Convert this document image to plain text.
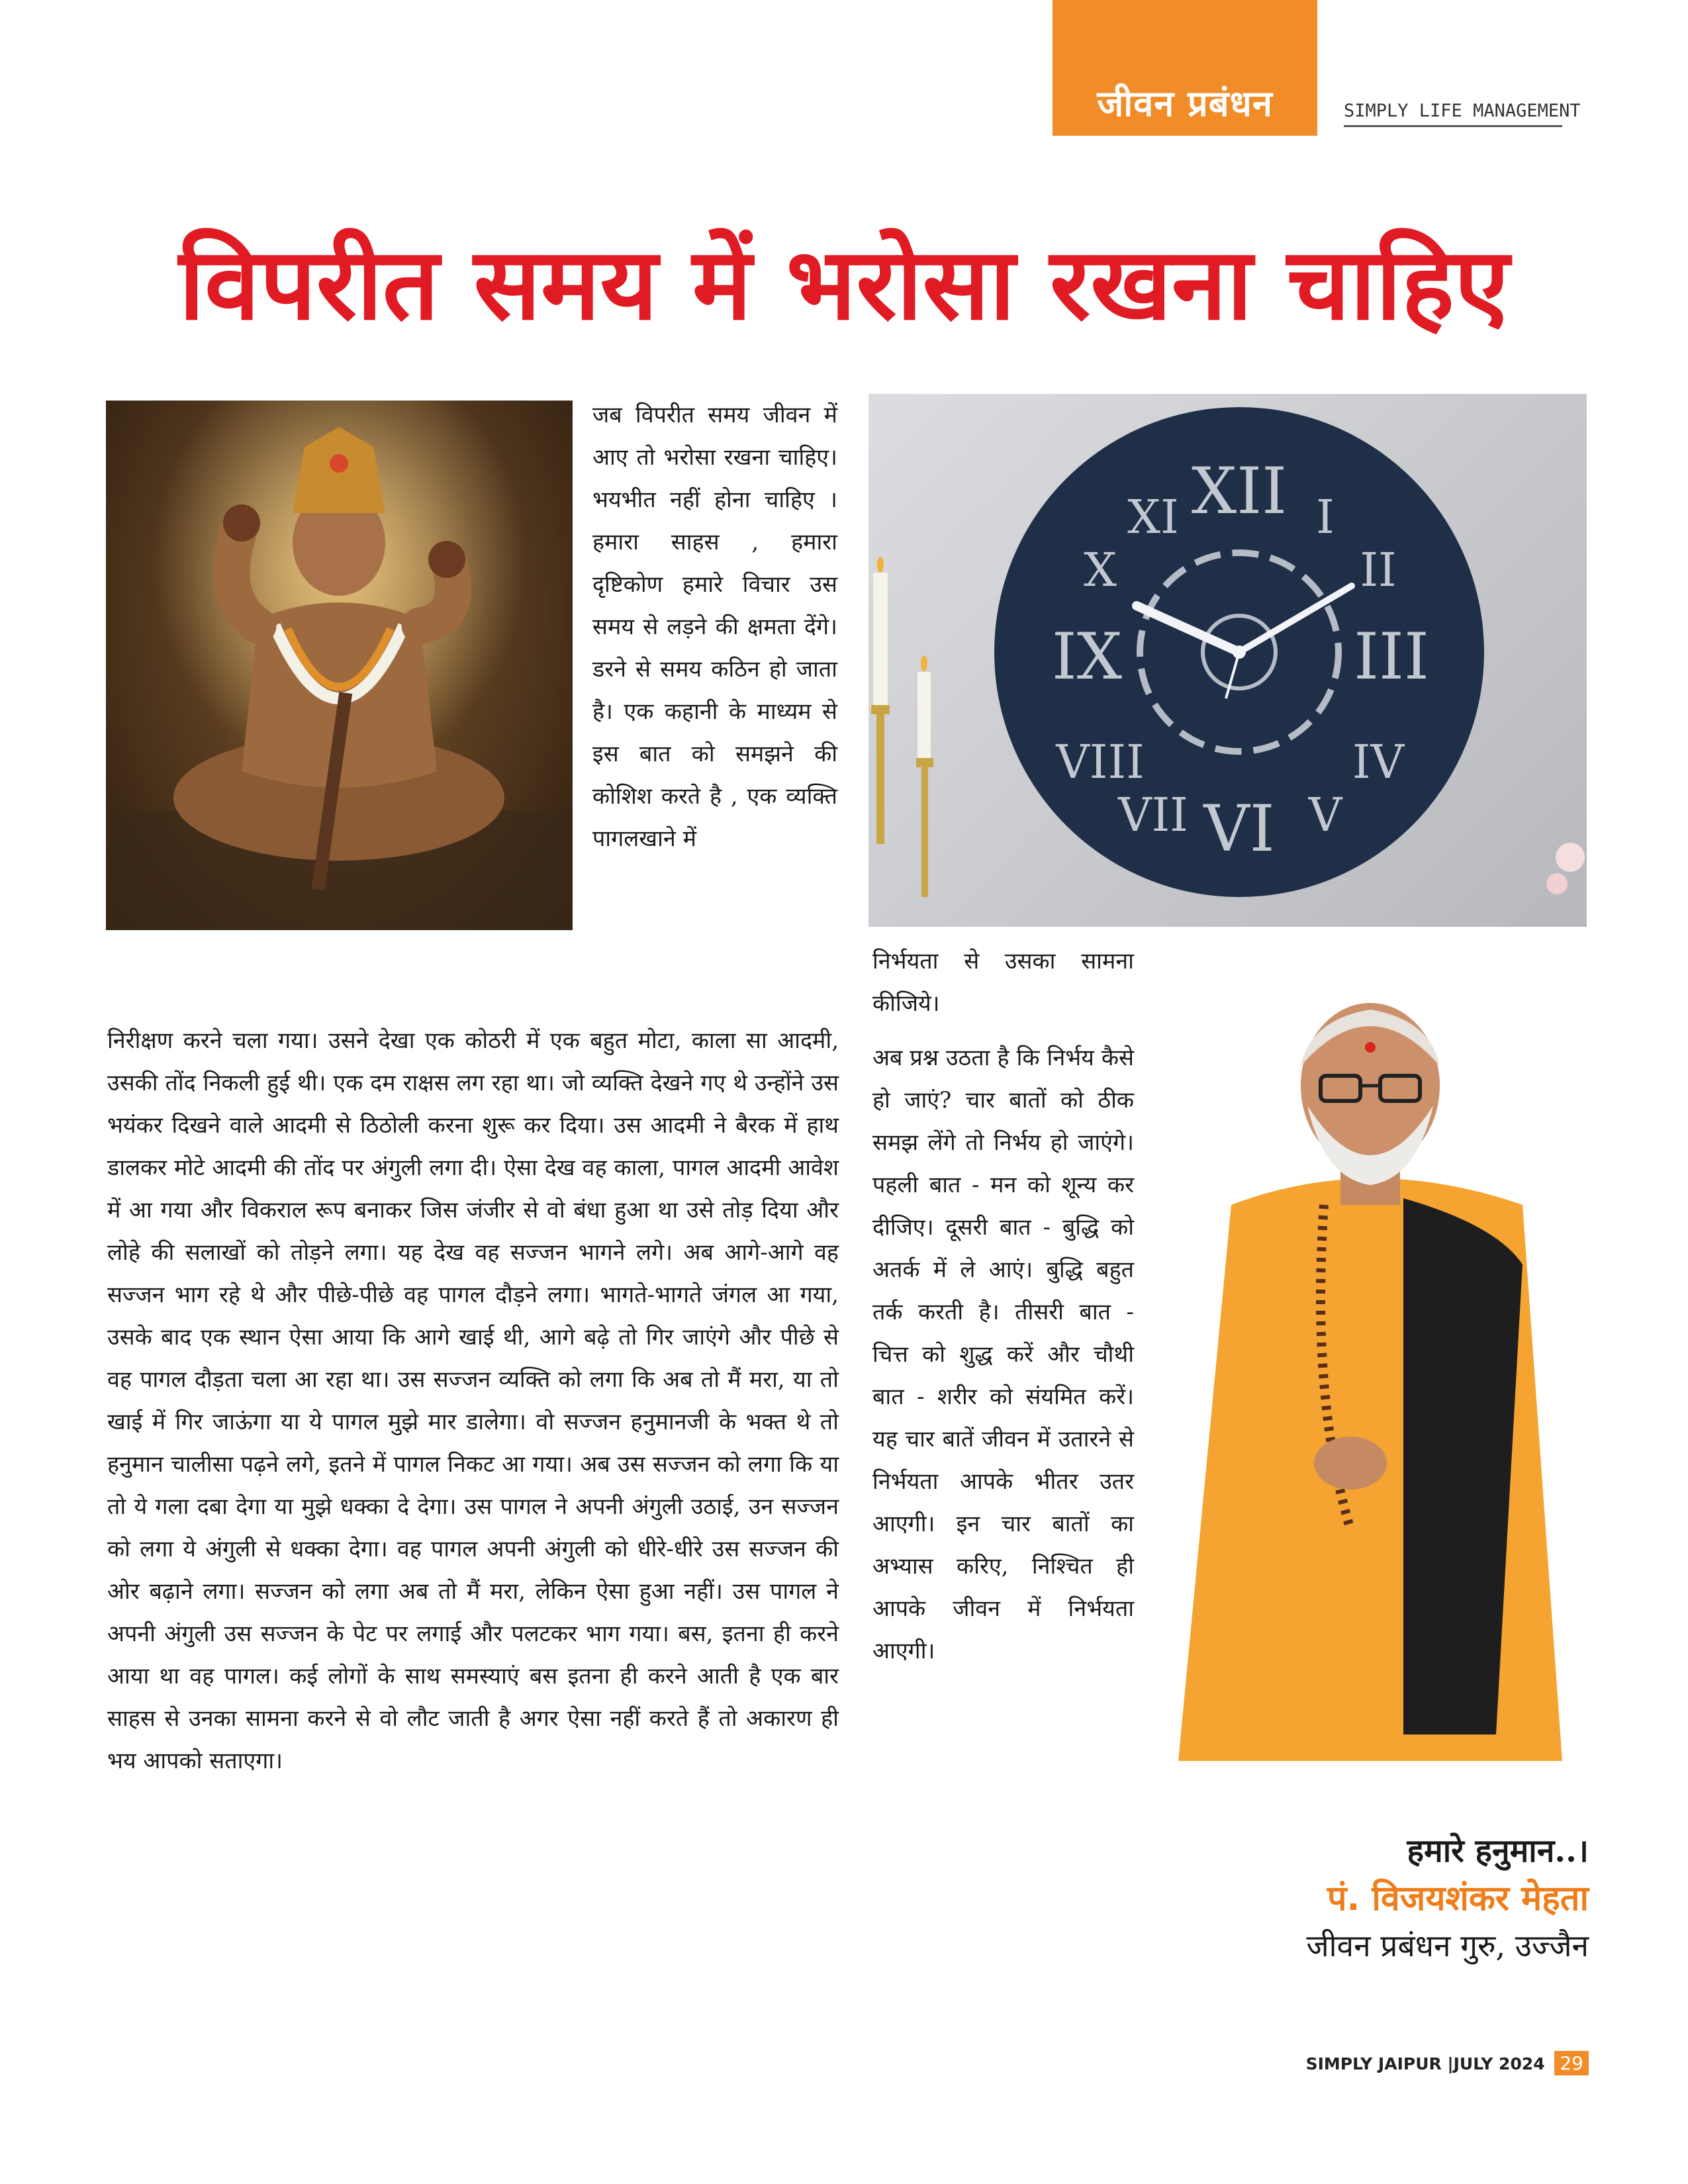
जीवन प्रबंधन	SIMPLY LIFE MANAGEMENT
विपरीत समय में भरोसा रखना चाहिए

जब विपरीत समय जीवन में आए तो भरोसा रखना चाहिए। भयभीत नहीं होना चाहिए । हमारा साहस , हमारा दृष्टिकोण हमारे विचार उस समय से लड़ने की क्षमता देंगे। डरने से समय कठिन हो जाता है। एक कहानी के माध्यम से इस बात को समझने की कोशिश करते है , एक व्यक्ति पागलखाने में

XII
VI
III
IX
I
II
IV
V
VII
VIII
X
XI

निरीक्षण करने चला गया। उसने देखा एक कोठरी में एक बहुत मोटा, काला सा आदमी, उसकी तोंद निकली हुई थी। एक दम राक्षस लग रहा था। जो व्यक्ति देखने गए थे उन्होंने उस भयंकर दिखने वाले आदमी से ठिठोली करना शुरू कर दिया। उस आदमी ने बैरक में हाथ डालकर मोटे आदमी की तोंद पर अंगुली लगा दी। ऐसा देख वह काला, पागल आदमी आवेश में आ गया और विकराल रूप बनाकर जिस जंजीर से वो बंधा हुआ था उसे तोड़ दिया और लोहे की सलाखों को तोड़ने लगा। यह देख वह सज्जन भागने लगे। अब आगे-आगे वह सज्जन भाग रहे थे और पीछे-पीछे वह पागल दौड़ने लगा। भागते-भागते जंगल आ गया, उसके बाद एक स्थान ऐसा आया कि आगे खाई थी, आगे बढ़े तो गिर जाएंगे और पीछे से वह पागल दौड़ता चला आ रहा था। उस सज्जन व्यक्ति को लगा कि अब तो मैं मरा, या तो खाई में गिर जाऊंगा या ये पागल मुझे मार डालेगा। वो सज्जन हनुमानजी के भक्त थे तो हनुमान चालीसा पढ़ने लगे, इतने में पागल निकट आ गया। अब उस सज्जन को लगा कि या तो ये गला दबा देगा या मुझे धक्का दे देगा। उस पागल ने अपनी अंगुली उठाई, उन सज्जन को लगा ये अंगुली से धक्का देगा। वह पागल अपनी अंगुली को धीरे-धीरे उस सज्जन की ओर बढ़ाने लगा। सज्जन को लगा अब तो मैं मरा, लेकिन ऐसा हुआ नहीं। उस पागल ने अपनी अंगुली उस सज्जन के पेट पर लगाई और पलटकर भाग गया। बस, इतना ही करने आया था वह पागल। कई लोगों के साथ समस्याएं बस इतना ही करने आती है एक बार साहस से उनका सामना करने से वो लौट जाती है अगर ऐसा नहीं करते हैं तो अकारण ही भय आपको सताएगा।

निर्भयता से उसका सामना कीजिये।

अब प्रश्न उठता है कि निर्भय कैसे हो जाएं? चार बातों को ठीक समझ लेंगे तो निर्भय हो जाएंगे। पहली बात - मन को शून्य कर दीजिए। दूसरी बात - बुद्धि को अतर्क में ले आएं। बुद्धि बहुत तर्क करती है। तीसरी बात - चित्त को शुद्ध करें और चौथी बात - शरीर को संयमित करें। यह चार बातें जीवन में उतारने से निर्भयता आपके भीतर उतर आएगी। इन चार बातों का अभ्यास करिए, निश्चित ही आपके जीवन में निर्भयता आएगी।

हमारे हनुमान..।
पं. विजयशंकर मेहता
जीवन प्रबंधन गुरु, उज्जैन
SIMPLY JAIPUR |JULY 2024 29
